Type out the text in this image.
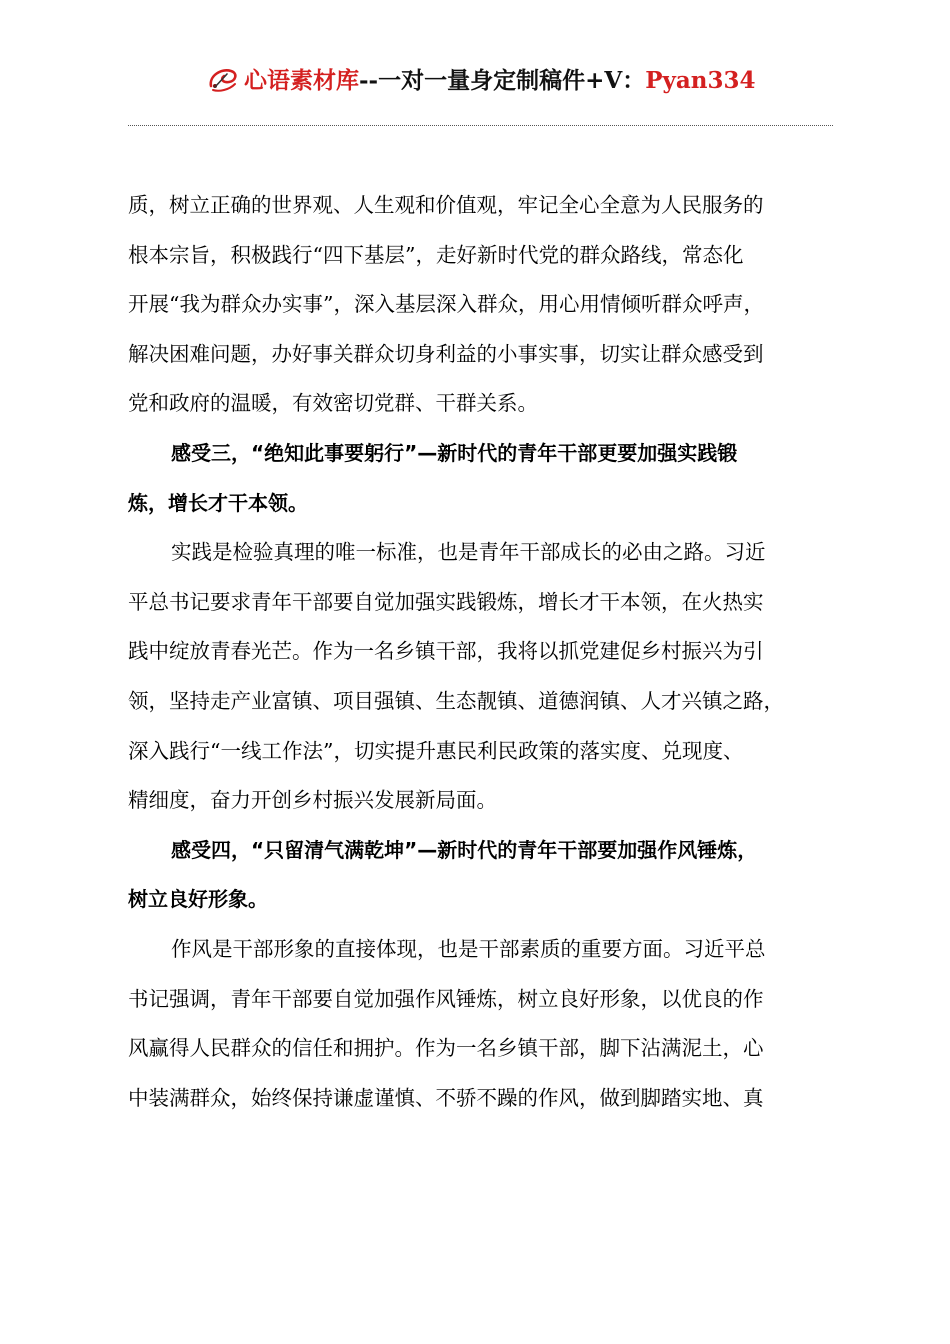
心语素材库--一对一量身定制稿件+V：Pyan334
质，树立正确的世界观、人生观和价值观，牢记全心全意为人民服务的
根本宗旨，积极践行“四下基层”，走好新时代党的群众路线，常态化
开展“我为群众办实事”，深入基层深入群众，用心用情倾听群众呼声，
解决困难问题，办好事关群众切身利益的小事实事，切实让群众感受到
党和政府的温暖，有效密切党群、干群关系。
感受三，“绝知此事要躬行”—新时代的青年干部更要加强实践锻
炼，增长才干本领。
实践是检验真理的唯一标准，也是青年干部成长的必由之路。习近
平总书记要求青年干部要自觉加强实践锻炼，增长才干本领，在火热实
践中绽放青春光芒。作为一名乡镇干部，我将以抓党建促乡村振兴为引
领，坚持走产业富镇、项目强镇、生态靓镇、道德润镇、人才兴镇之路，
深入践行“一线工作法”，切实提升惠民利民政策的落实度、兑现度、
精细度，奋力开创乡村振兴发展新局面。
感受四，“只留清气满乾坤”—新时代的青年干部要加强作风锤炼，
树立良好形象。
作风是干部形象的直接体现，也是干部素质的重要方面。习近平总
书记强调，青年干部要自觉加强作风锤炼，树立良好形象，以优良的作
风赢得人民群众的信任和拥护。作为一名乡镇干部，脚下沾满泥土，心
中装满群众，始终保持谦虚谨慎、不骄不躁的作风，做到脚踏实地、真
